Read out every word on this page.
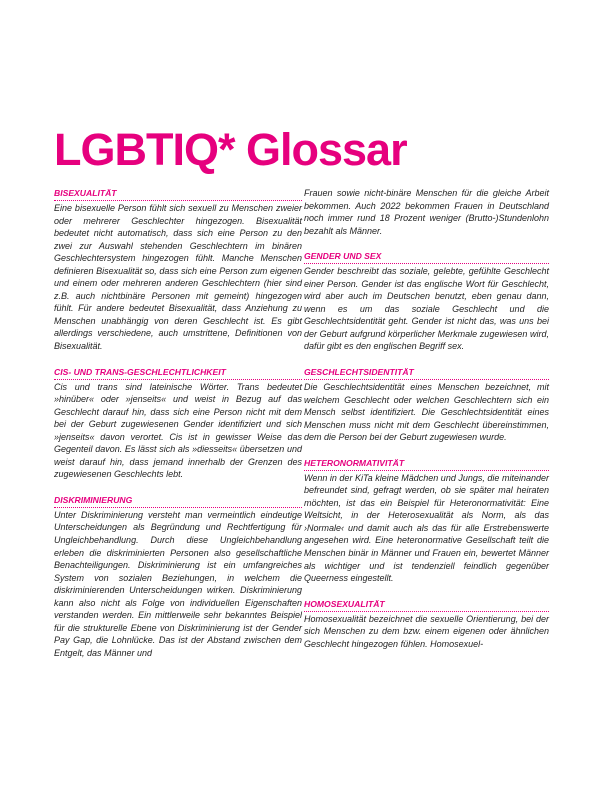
LGBTIQ* Glossar
BISEXUALITÄT

Eine bisexuelle Person fühlt sich sexuell zu Menschen zweier oder mehrerer Geschlechter hingezogen. Bisexualität bedeutet nicht automatisch, dass sich eine Person zu den zwei zur Auswahl stehenden Geschlechtern im binären Geschlechtersystem hingezogen fühlt. Manche Menschen definieren Bisexualität so, dass sich eine Person zum eigenen und einem oder mehreren anderen Geschlechtern (hier sind z.B. auch nichtbinäre Personen mit gemeint) hingezogen fühlt. Für andere bedeutet Bisexualität, dass Anziehung zu Menschen unabhängig von deren Geschlecht ist. Es gibt allerdings verschiedene, auch umstrittene, Definitionen von Bisexualität.

CIS- UND TRANS-GESCHLECHTLICHKEIT

Cis und trans sind lateinische Wörter. Trans bedeutet »hinüber« oder »jenseits« und weist in Bezug auf das Geschlecht darauf hin, dass sich eine Person nicht mit dem bei der Geburt zugewiesenen Gender identifiziert und sich »jenseits« davon verortet. Cis ist in gewisser Weise das Gegenteil davon. Es lässt sich als »diesseits« übersetzen und weist darauf hin, dass jemand innerhalb der Grenzen des zugewiesenen Geschlechts lebt.

DISKRIMINIERUNG

Unter Diskriminierung versteht man vermeintlich eindeutige Unterscheidungen als Begründung und Rechtfertigung für Ungleichbehandlung. Durch diese Ungleichbehandlung erleben die diskriminierten Personen also gesellschaftliche Benachteiligungen. Diskriminierung ist ein umfangreiches System von sozialen Beziehungen, in welchem die diskriminierenden Unterscheidungen wirken. Diskriminierung kann also nicht als Folge von individuellen Eigenschaften verstanden werden. Ein mittlerweile sehr bekanntes Beispiel für die strukturelle Ebene von Diskriminierung ist der Gender Pay Gap, die Lohnlücke. Das ist der Abstand zwischen dem Entgelt, das Männer und

Frauen sowie nicht-binäre Menschen für die gleiche Arbeit bekommen. Auch 2022 bekommen Frauen in Deutschland noch immer rund 18 Prozent weniger (Brutto-)Stundenlohn bezahlt als Männer.

GENDER UND SEX

Gender beschreibt das soziale, gelebte, gefühlte Geschlecht einer Person. Gender ist das englische Wort für Geschlecht, wird aber auch im Deutschen benutzt, eben genau dann, wenn es um das soziale Geschlecht und die Geschlechtsidentität geht. Gender ist nicht das, was uns bei der Geburt aufgrund körperlicher Merkmale zugewiesen wird, dafür gibt es den englischen Begriff sex.

GESCHLECHTSIDENTITÄT

Die Geschlechtsidentität eines Menschen bezeichnet, mit welchem Geschlecht oder welchen Geschlechtern sich ein Mensch selbst identifiziert. Die Geschlechtsidentität eines Menschen muss nicht mit dem Geschlecht übereinstimmen, dem die Person bei der Geburt zugewiesen wurde.

HETERONORMATIVITÄT

Wenn in der KiTa kleine Mädchen und Jungs, die miteinander befreundet sind, gefragt werden, ob sie später mal heiraten möchten, ist das ein Beispiel für Heteronormativität: Eine Weltsicht, in der Heterosexualität als Norm, als das ›Normale‹ und damit auch als das für alle Erstrebenswerte angesehen wird. Eine heteronormative Gesellschaft teilt die Menschen binär in Männer und Frauen ein, bewertet Männer als wichtiger und ist tendenziell feindlich gegenüber Queerness eingestellt.

HOMOSEXUALITÄT

Homosexualität bezeichnet die sexuelle Orientierung, bei der sich Menschen zu dem bzw. einem eigenen oder ähnlichen Geschlecht hingezogen fühlen. Homosexuel-
